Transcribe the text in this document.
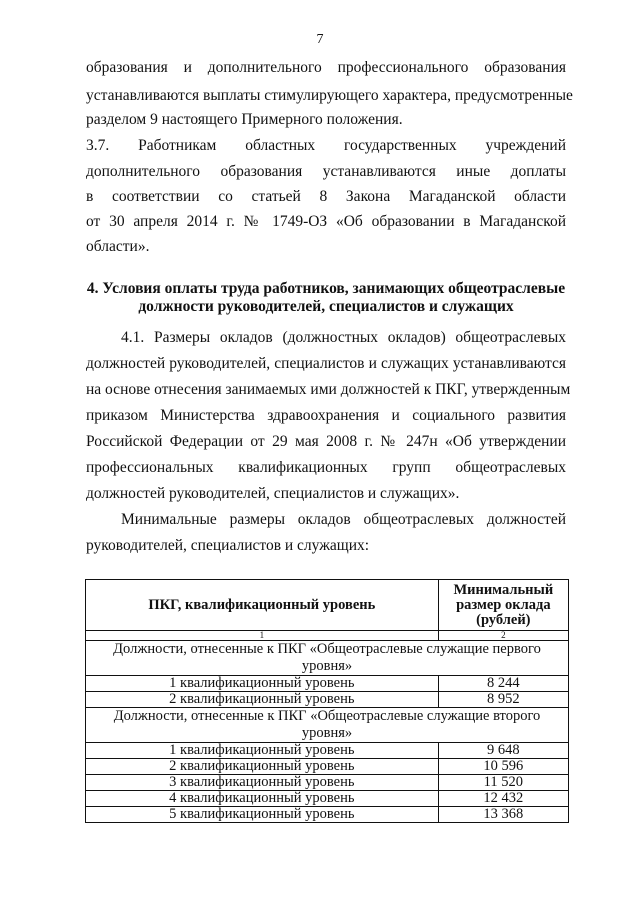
7
образования и дополнительного профессионального образования
устанавливаются выплаты стимулирующего характера, предусмотренные
разделом 9 настоящего Примерного положения.
3.7. Работникам областных государственных учреждений
дополнительного образования устанавливаются иные доплаты
в соответствии со статьей 8 Закона Магаданской области
от 30 апреля 2014 г. № 1749-ОЗ «Об образовании в Магаданской
области».
4. Условия оплаты труда работников, занимающих общеотраслевые
должности руководителей, специалистов и служащих
4.1. Размеры окладов (должностных окладов) общеотраслевых
должностей руководителей, специалистов и служащих устанавливаются
на основе отнесения занимаемых ими должностей к ПКГ, утвержденным
приказом Министерства здравоохранения и социального развития
Российской Федерации от 29 мая 2008 г. № 247н «Об утверждении
профессиональных квалификационных групп общеотраслевых
должностей руководителей, специалистов и служащих».
Минимальные размеры окладов общеотраслевых должностей
руководителей, специалистов и служащих:
ПКГ, квалификационный уровень	Минимальный
размер оклада
(рублей)

1	2
Должности, отнесенные к ПКГ «Общеотраслевые служащие первого уровня»	
1 квалификационный уровень	8 244
2 квалификационный уровень	8 952
Должности, отнесенные к ПКГ «Общеотраслевые служащие второго уровня»	
1 квалификационный уровень	9 648
2 квалификационный уровень	10 596
3 квалификационный уровень	11 520
4 квалификационный уровень	12 432
5 квалификационный уровень	13 368
